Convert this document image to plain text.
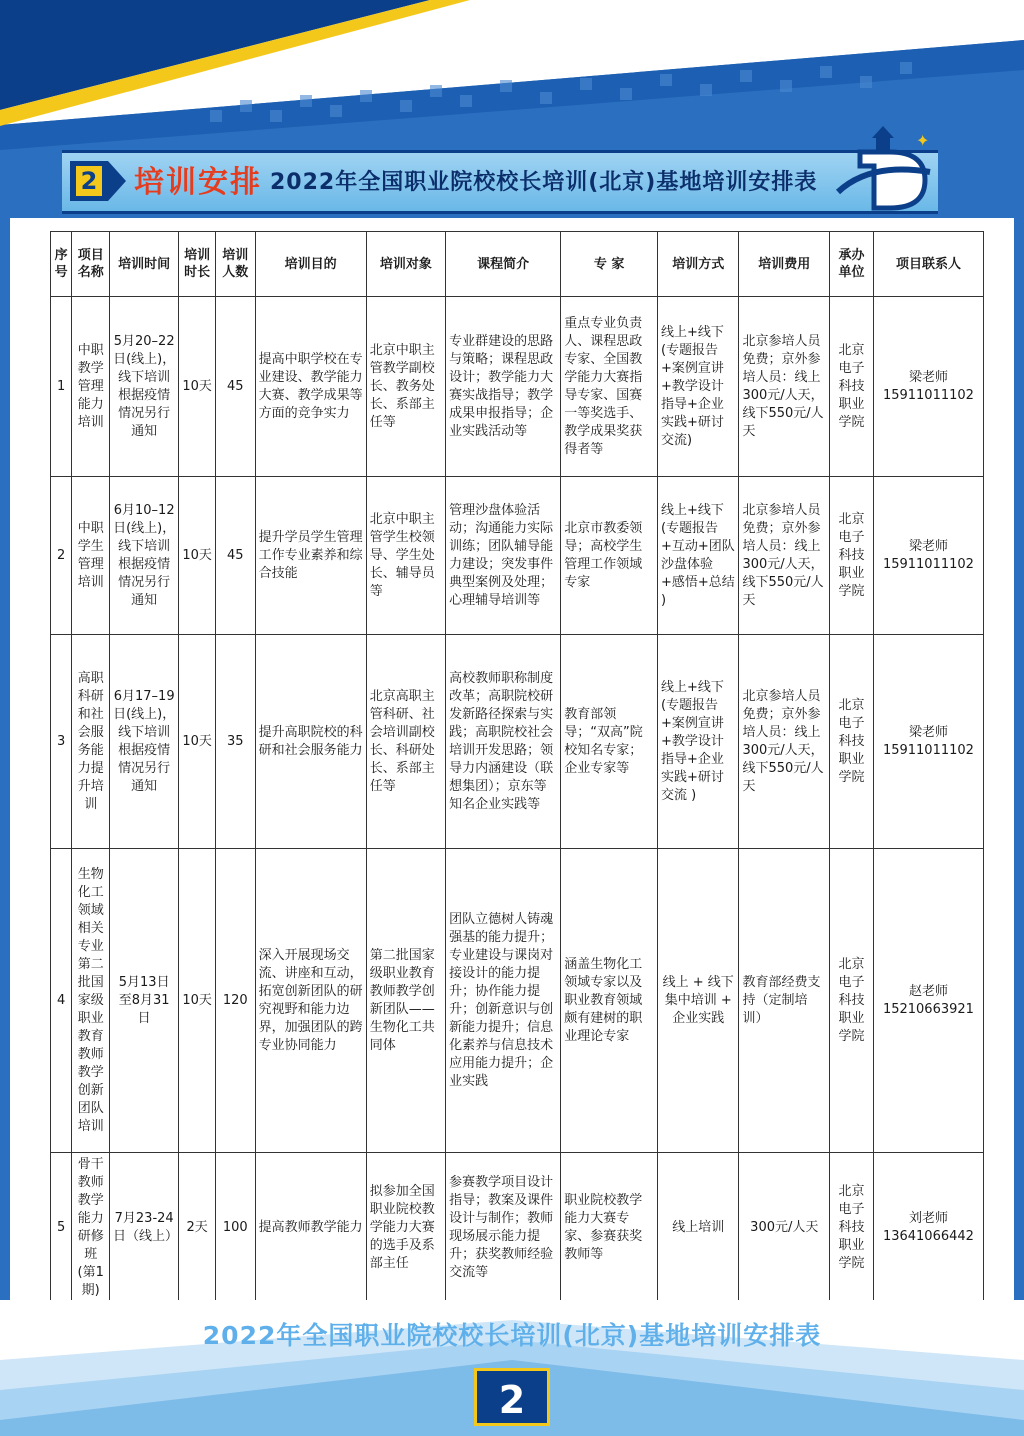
2 培训安排 2022年全国职业院校校长培训(北京)基地培训安排表
✦
序号	项目名称	培训时间	培训时长	培训人数	培训目的	培训对象	课程简介	专 家	培训方式	培训费用	承办单位	项目联系人
1	中职教学管理能力培训	5月20–22日(线上)，线下培训根据疫情情况另行通知	10天	45	提高中职学校在专业建设、教学能力大赛、教学成果等方面的竞争实力	北京中职主管教学副校长、教务处长、系部主任等	专业群建设的思路与策略；课程思政设计；教学能力大赛实战指导；教学成果申报指导；企业实践活动等	重点专业负责人、课程思政专家、全国教学能力大赛指导专家、国赛一等奖选手、教学成果奖获得者等	线上+线下(专题报告+案例宣讲+教学设计指导+企业实践+研讨交流)	北京参培人员免费；京外参培人员：线上300元/人天，线下550元/人天	北京电子科技职业学院	梁老师
15911011102

2	中职学生管理培训	6月10–12日(线上)，线下培训根据疫情情况另行通知	10天	45	提升学员学生管理工作专业素养和综合技能	北京中职主管学生校领导、学生处长、辅导员等	管理沙盘体验活动；沟通能力实际训练；团队辅导能力建设；突发事件典型案例及处理；心理辅导培训等	北京市教委领导；高校学生管理工作领域专家	线上+线下(专题报告+互动+团队沙盘体验+感悟+总结 )	北京参培人员免费；京外参培人员：线上300元/人天，线下550元/人天	北京电子科技职业学院	梁老师
15911011102

3	高职科研和社会服务能力提升培训	6月17–19日(线上)，线下培训根据疫情情况另行通知	10天	35	提升高职院校的科研和社会服务能力	北京高职主管科研、社会培训副校长、科研处长、系部主任等	高校教师职称制度改革；高职院校研发新路径探索与实践；高职院校社会培训开发思路；领导力内涵建设（联想集团）；京东等知名企业实践等	教育部领导；“双高”院校知名专家；企业专家等	线上+线下(专题报告+案例宣讲+教学设计指导+企业实践+研讨交流 )	北京参培人员免费；京外参培人员：线上300元/人天，线下550元/人天	北京电子科技职业学院	梁老师
15911011102

4	生物化工领域相关专业第二批国家级职业教育教师教学创新团队培训	5月13日至8月31日	10天	120	深入开展现场交流、讲座和互动，拓宽创新团队的研究视野和能力边界，加强团队的跨专业协同能力	第二批国家级职业教育教师教学创新团队——生物化工共同体	团队立德树人铸魂强基的能力提升；专业建设与课岗对接设计的能力提升；协作能力提升；创新意识与创新能力提升；信息化素养与信息技术应用能力提升；企业实践	涵盖生物化工领域专家以及职业教育领域颇有建树的职业理论专家	线上 + 线下 集中培训 + 企业实践	教育部经费支持（定制培训）	北京电子科技职业学院	赵老师
15210663921

5	骨干教师教学能力研修班(第1期)	7月23-24日（线上）	2天	100	提高教师教学能力	拟参加全国职业院校教学能力大赛的选手及系部主任	参赛教学项目设计指导；教案及课件设计与制作；教师现场展示能力提升；获奖教师经验交流等	职业院校教学能力大赛专家、参赛获奖教师等	线上培训	300元/人天	北京电子科技职业学院	刘老师
13641066442
2022年全国职业院校校长培训(北京)基地培训安排表
2
